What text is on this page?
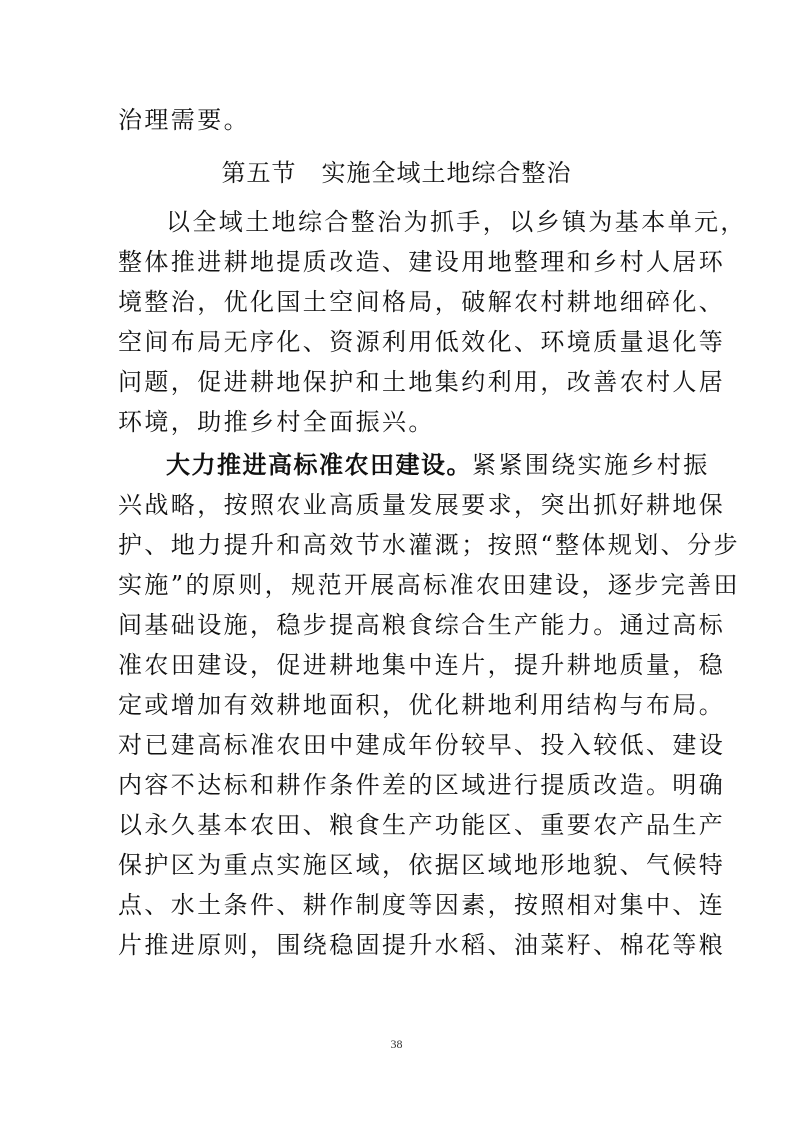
治理需要。
第五节　实施全域土地综合整治
以全域土地综合整治为抓手，以乡镇为基本单元，
整体推进耕地提质改造、建设用地整理和乡村人居环
境整治，优化国土空间格局，破解农村耕地细碎化、
空间布局无序化、资源利用低效化、环境质量退化等
问题，促进耕地保护和土地集约利用，改善农村人居
环境，助推乡村全面振兴。
大力推进高标准农田建设。 紧紧围绕实施乡村振
兴战略，按照农业高质量发展要求，突出抓好耕地保
护、地力提升和高效节水灌溉；按照“整体规划、分步
实施”的原则，规范开展高标准农田建设，逐步完善田
间基础设施，稳步提高粮食综合生产能力。通过高标
准农田建设，促进耕地集中连片，提升耕地质量，稳
定或增加有效耕地面积，优化耕地利用结构与布局。
对已建高标准农田中建成年份较早、投入较低、建设
内容不达标和耕作条件差的区域进行提质改造。明确
以永久基本农田、粮食生产功能区、重要农产品生产
保护区为重点实施区域，依据区域地形地貌、气候特
点、水土条件、耕作制度等因素，按照相对集中、连
片推进原则，围绕稳固提升水稻、油菜籽、棉花等粮
38
